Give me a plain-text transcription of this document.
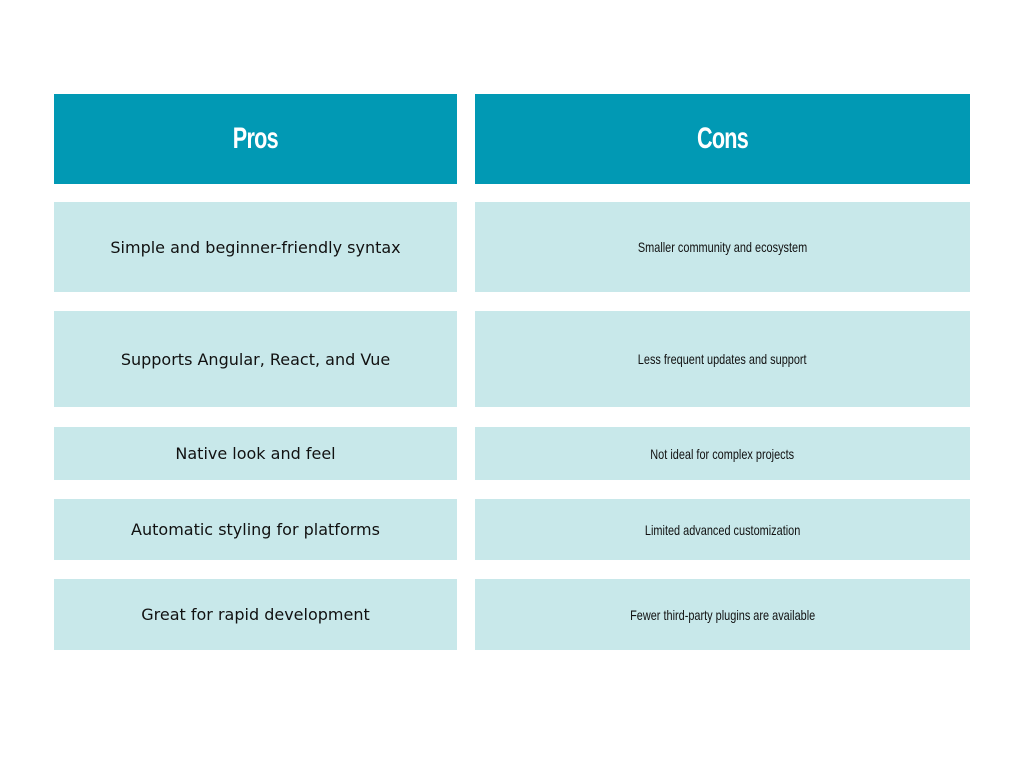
Pros	Cons
Simple and beginner-friendly syntax	Smaller community and ecosystem
Supports Angular, React, and Vue	Less frequent updates and support
Native look and feel	Not ideal for complex projects
Automatic styling for platforms	Limited advanced customization
Great for rapid development	Fewer third-party plugins are available
